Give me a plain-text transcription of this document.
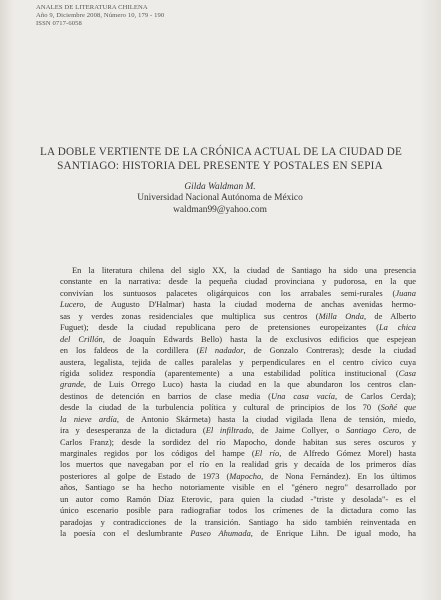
ANALES DE LITERATURA CHILENA
Año 9, Diciembre 2008, Número 10, 179 - 190
ISSN 0717-6058
LA DOBLE VERTIENTE DE LA CRÓNICA ACTUAL DE LA CIUDAD DE
SANTIAGO: HISTORIA DEL PRESENTE Y POSTALES EN SEPIA
Gilda Waldman M.
Universidad Nacional Autónoma de México
waldman99@yahoo.com
En la literatura chilena del siglo XX, la ciudad de Santiago ha sido una presencia
constante en la narrativa: desde la pequeña ciudad provinciana y pudorosa, en la que
convivían los suntuosos palacetes oligárquicos con los arrabales semi-rurales (Juana
Lucero, de Augusto D'Halmar) hasta la ciudad moderna de anchas avenidas hermo-
sas y verdes zonas residenciales que multiplica sus centros (Milla Onda, de Alberto
Fuguet); desde la ciudad republicana pero de pretensiones europeizantes (La chica
del Crillón, de Joaquín Edwards Bello) hasta la de exclusivos edificios que espejean
en los faldeos de la cordillera (El nadador, de Gonzalo Contreras); desde la ciudad
austera, legalista, tejida de calles paralelas y perpendiculares en el centro cívico cuya
rígida solidez respondía (aparentemente) a una estabilidad política institucional (Casa
grande, de Luis Orrego Luco) hasta la ciudad en la que abundaron los centros clan-
destinos de detención en barrios de clase media (Una casa vacía, de Carlos Cerda);
desde la ciudad de la turbulencia política y cultural de principios de los 70 (Soñé que
la nieve ardía, de Antonio Skármeta) hasta la ciudad vigilada llena de tensión, miedo,
ira y desesperanza de la dictadura (El infiltrado, de Jaime Collyer, o Santiago Cero, de
Carlos Franz); desde la sordidez del río Mapocho, donde habitan sus seres oscuros y
marginales regidos por los códigos del hampe (El río, de Alfredo Gómez Morel) hasta
los muertos que navegaban por el río en la realidad gris y decaída de los primeros días
posteriores al golpe de Estado de 1973 (Mapocho, de Nona Fernández). En los últimos
años, Santiago se ha hecho notoriamente visible en el "género negro" desarrollado por
un autor como Ramón Díaz Eterovic, para quien la ciudad -"triste y desolada"- es el
único escenario posible para radiografiar todos los crímenes de la dictadura como las
paradojas y contradicciones de la transición. Santiago ha sido también reinventada en
la poesía con el deslumbrante Paseo Ahumada, de Enrique Lihn. De igual modo, ha
